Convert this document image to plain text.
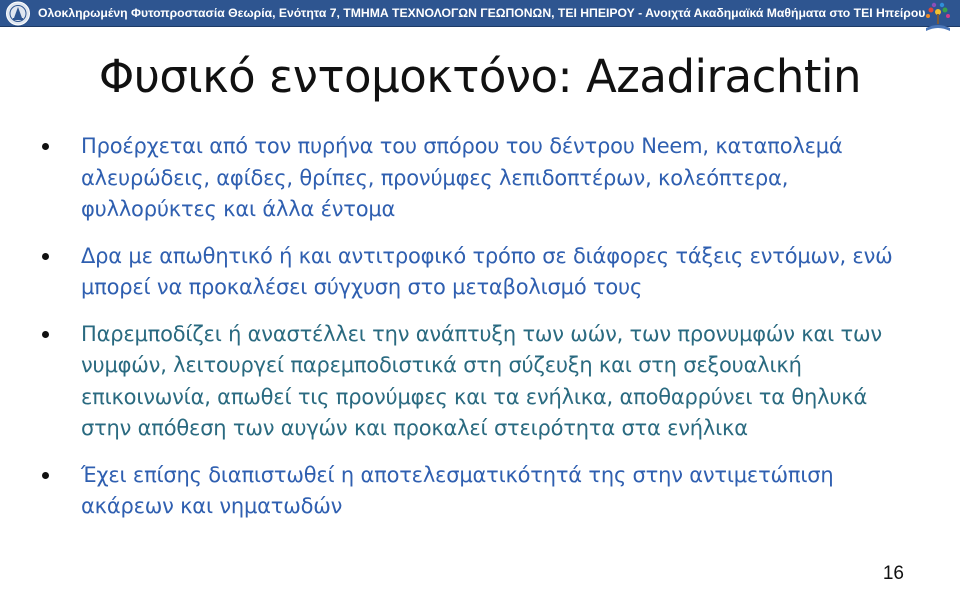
Ολοκληρωμένη Φυτοπροστασία Θεωρία, Ενότητα 7, ΤΜΗΜΑ ΤΕΧΝΟΛΟΓΩΝ ΓΕΩΠΟΝΩΝ, ΤΕΙ ΗΠΕΙΡΟΥ - Ανοιχτά Ακαδημαϊκά Μαθήματα στο ΤΕΙ Ηπείρου
Φυσικό εντομοκτόνο: Azadirachtin
Προέρχεται από τον πυρήνα του σπόρου του δέντρου Neem, καταπολεμά αλευρώδεις, αφίδες, θρίπες, προνύμφες λεπιδοπτέρων, κολεόπτερα, φυλλορύκτες και άλλα έντομα
Δρα με απωθητικό ή και αντιτροφικό τρόπο σε διάφορες τάξεις εντόμων, ενώ μπορεί να προκαλέσει σύγχυση στο μεταβολισμό τους
Παρεμποδίζει ή αναστέλλει την ανάπτυξη των ωών, των προνυμφών και των νυμφών, λειτουργεί παρεμποδιστικά στη σύζευξη και στη σεξουαλική επικοινωνία, απωθεί τις προνύμφες και τα ενήλικα, αποθαρρύνει τα θηλυκά στην απόθεση των αυγών και προκαλεί στειρότητα στα ενήλικα
Έχει επίσης διαπιστωθεί η αποτελεσματικότητά της στην αντιμετώπιση ακάρεων και νηματωδών
16
